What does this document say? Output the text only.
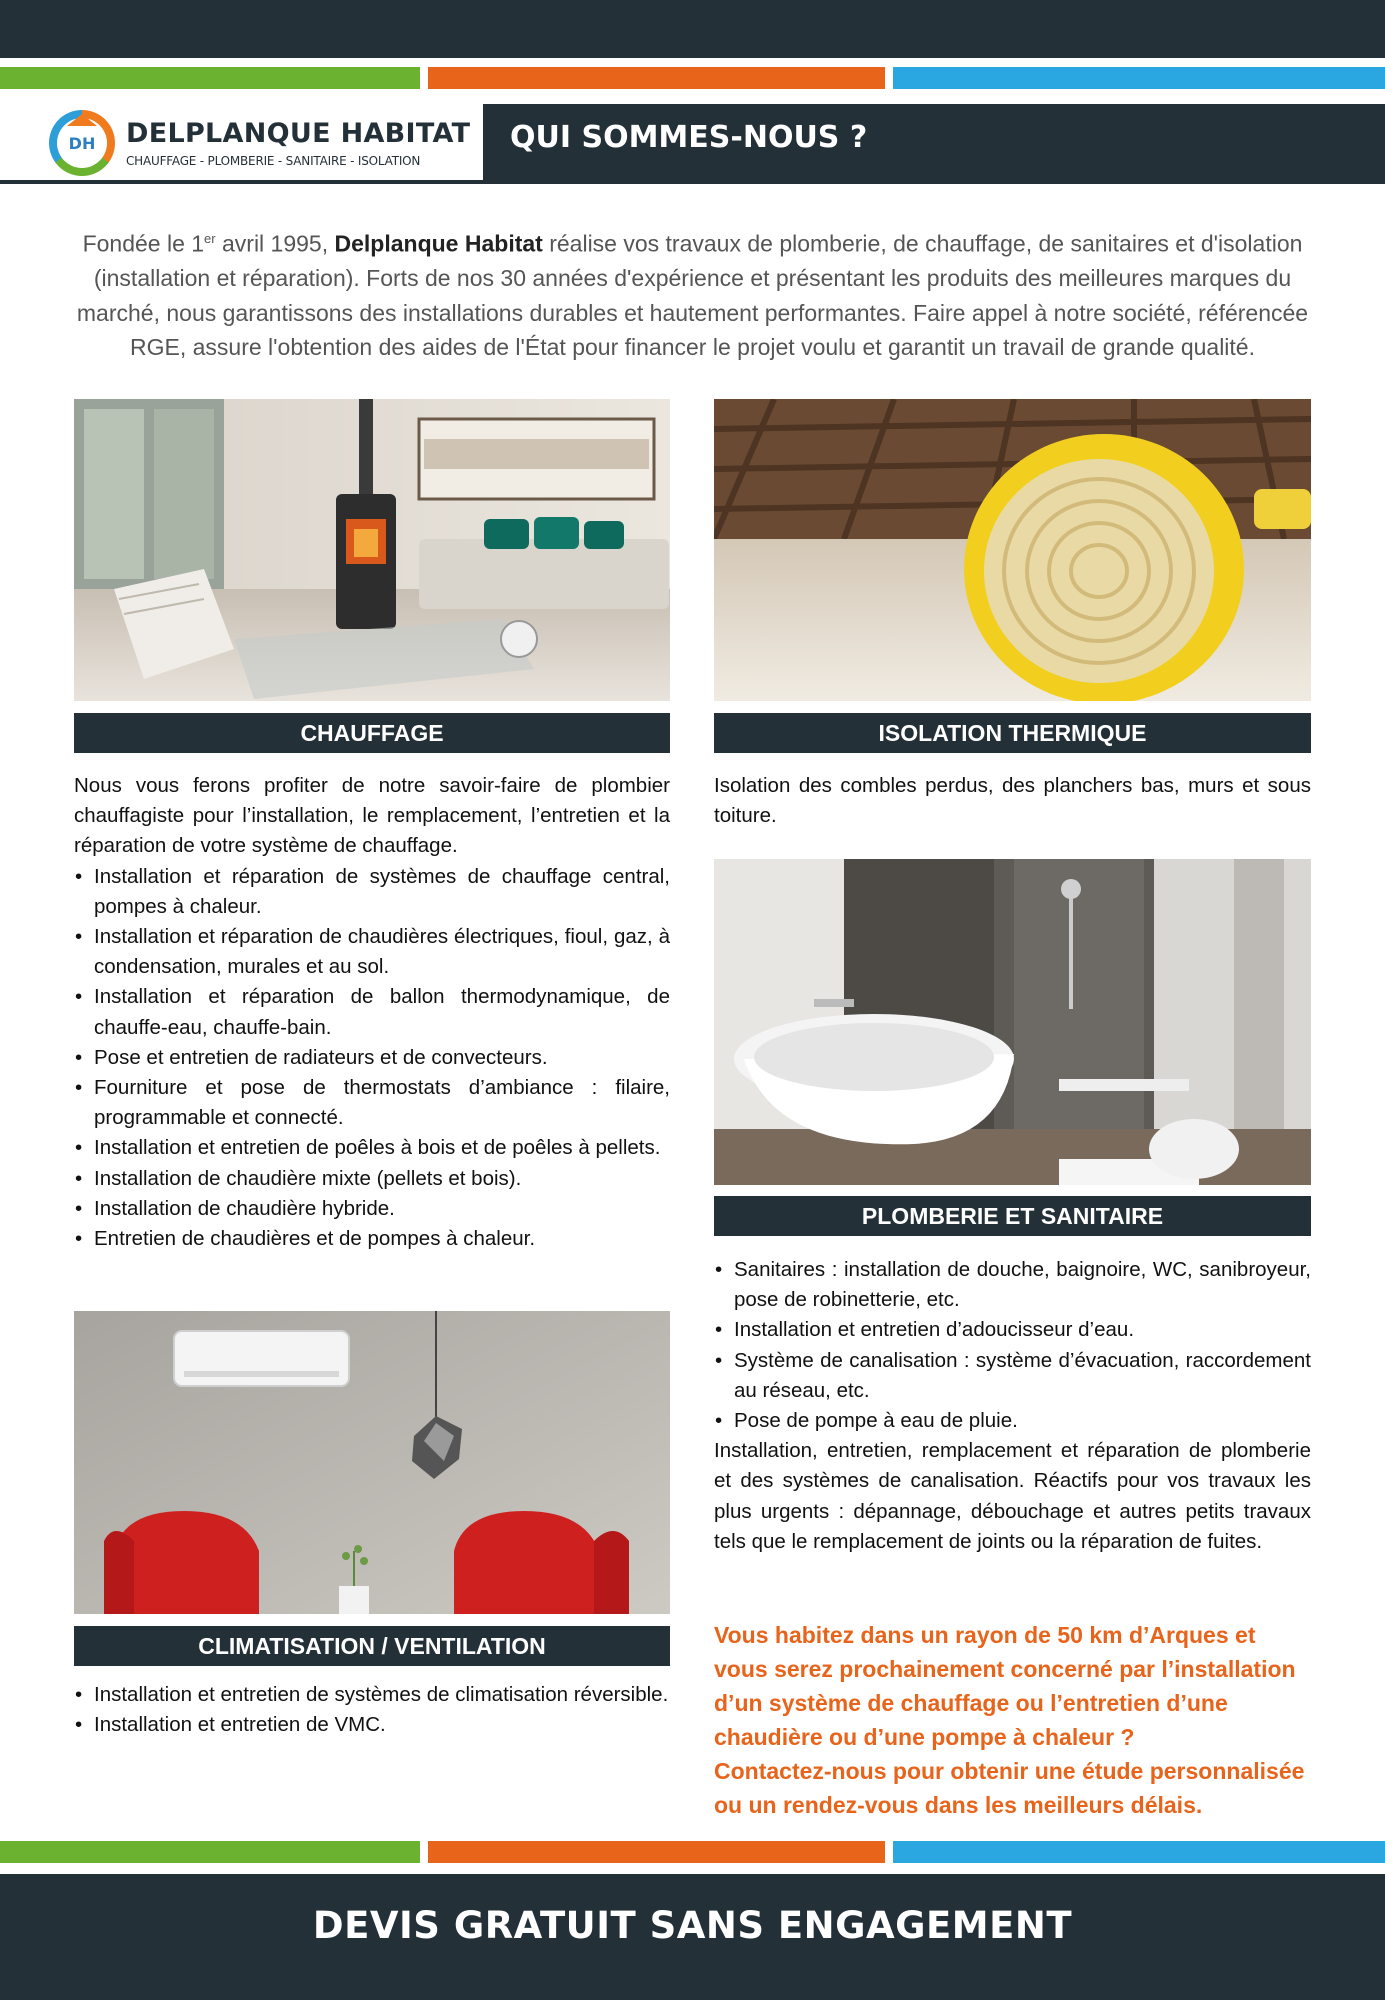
DH	DELPLANQUE HABITAT
CHAUFFAGE - PLOMBERIE - SANITAIRE - ISOLATION
QUI SOMMES-NOUS ?
Fondée le 1er avril 1995, Delplanque Habitat réalise vos travaux de plomberie, de chauffage, de sanitaires et d'isolation (installation et réparation). Forts de nos 30 années d'expérience et présentant les produits des meilleures marques du marché, nous garantissons des installations durables et hautement performantes. Faire appel à notre société, référencée RGE, assure l'obtention des aides de l'État pour financer le projet voulu et garantit un travail de grande qualité.
CHAUFFAGE	ISOLATION THERMIQUE

Nous vous ferons profiter de notre savoir-faire de plombier chauffagiste pour l’installation, le remplacement, l’entretien et la réparation de votre système de chauffage.

• Installation et réparation de systèmes de chauffage central, pompes à chaleur.
• Installation et réparation de chaudières électriques, fioul, gaz, à condensation, murales et au sol.
• Installation et réparation de ballon thermodynamique, de chauffe-eau, chauffe-bain.
• Pose et entretien de radiateurs et de convecteurs.
• Fourniture et pose de thermostats d’ambiance : filaire, programmable et connecté.
• Installation et entretien de poêles à bois et de poêles à pellets.
• Installation de chaudière mixte (pellets et bois).
• Installation de chaudière hybride.
• Entretien de chaudières et de pompes à chaleur.
Isolation des combles perdus, des planchers bas, murs et sous toiture.
PLOMBERIE ET SANITAIRE
• Sanitaires : installation de douche, baignoire, WC, sanibroyeur, pose de robinetterie, etc.
• Installation et entretien d’adoucisseur d’eau.
• Système de canalisation : système d’évacuation, raccordement au réseau, etc.
• Pose de pompe à eau de pluie.

Installation, entretien, remplacement et réparation de plomberie et des systèmes de canalisation. Réactifs pour vos travaux les plus urgents : dépannage, débouchage et autres petits travaux tels que le remplacement de joints ou la réparation de fuites.

CLIMATISATION / VENTILATION
• Installation et entretien de systèmes de climatisation réversible.
• Installation et entretien de VMC.

Vous habitez dans un rayon de 50 km d’Arques et vous serez prochainement concerné par l’installation d’un système de chauffage ou l’entretien d’une chaudière ou d’une pompe à chaleur ?

Contactez-nous pour obtenir une étude personnalisée ou un rendez-vous dans les meilleurs délais.

DEVIS GRATUIT SANS ENGAGEMENT
